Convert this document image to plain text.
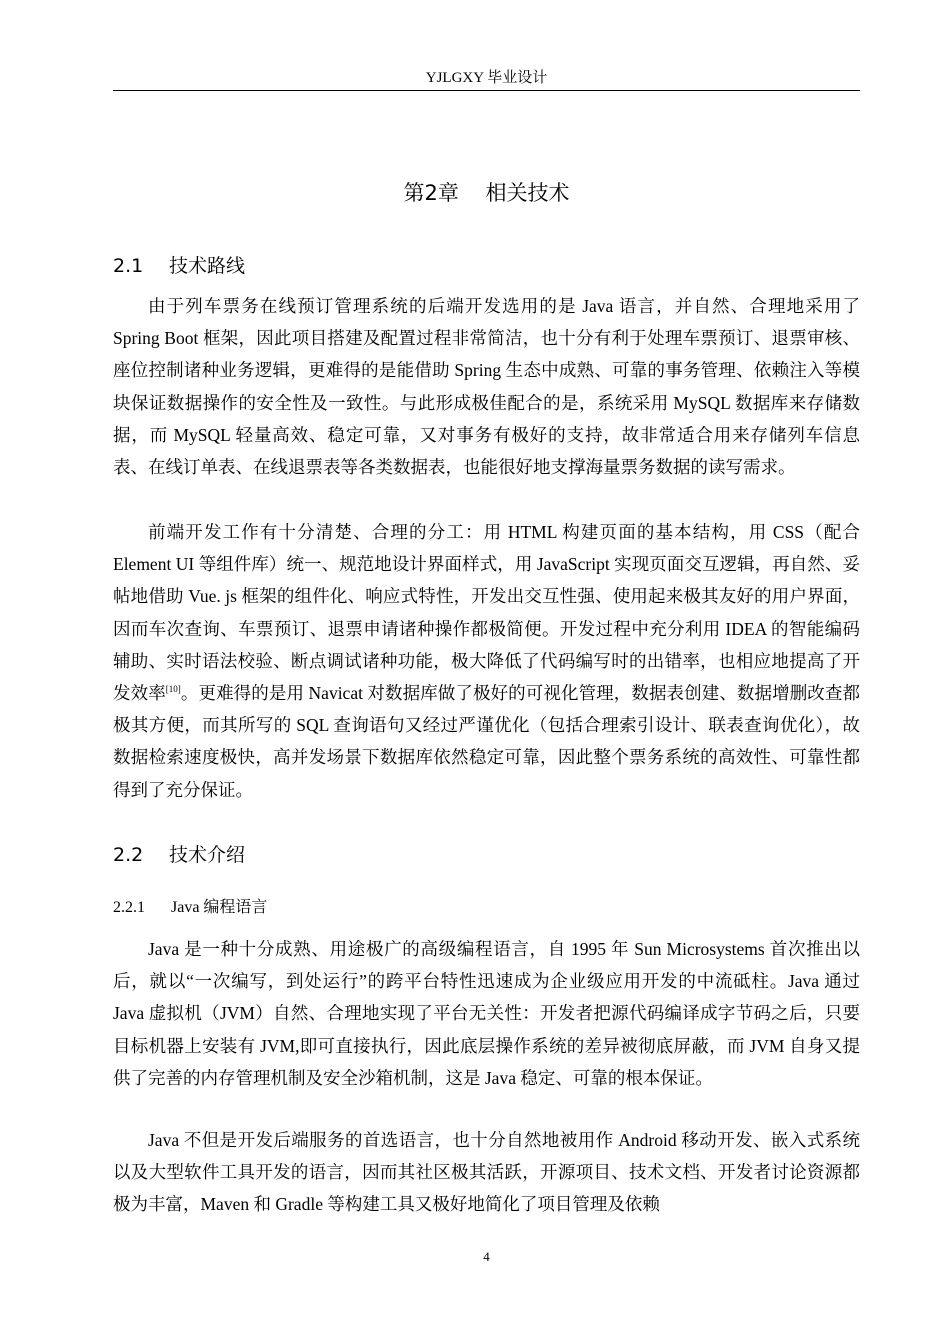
YJLGXY 毕业设计
第2章    相关技术
2.1 技术路线

由于列车票务在线预订管理系统的后端开发选用的是 Java 语言，并自然、合理地采用了 Spring Boot 框架，因此项目搭建及配置过程非常简洁，也十分有利于处理车票预订、退票审核、座位控制诸种业务逻辑，更难得的是能借助 Spring 生态中成熟、可靠的事务管理、依赖注入等模块保证数据操作的安全性及一致性。与此形成极佳配合的是，系统采用 MySQL 数据库来存储数据，而 MySQL 轻量高效、稳定可靠，又对事务有极好的支持，故非常适合用来存储列车信息表、在线订单表、在线退票表等各类数据表，也能很好地支撑海量票务数据的读写需求。

前端开发工作有十分清楚、合理的分工：用 HTML 构建页面的基本结构，用 CSS（配合 Element UI 等组件库）统一、规范地设计界面样式，用 JavaScript 实现页面交互逻辑，再自然、妥帖地借助 Vue. js 框架的组件化、响应式特性，开发出交互性强、使用起来极其友好的用户界面，因而车次查询、车票预订、退票申请诸种操作都极简便。开发过程中充分利用 IDEA 的智能编码辅助、实时语法校验、断点调试诸种功能，极大降低了代码编写时的出错率，也相应地提高了开发效率[10]。更难得的是用 Navicat 对数据库做了极好的可视化管理，数据表创建、数据增删改查都极其方便，而其所写的 SQL 查询语句又经过严谨优化（包括合理索引设计、联表查询优化），故数据检索速度极快，高并发场景下数据库依然稳定可靠，因此整个票务系统的高效性、可靠性都得到了充分保证。

2.2 技术介绍
2.2.1 Java 编程语言

Java 是一种十分成熟、用途极广的高级编程语言，自 1995 年 Sun Microsystems 首次推出以后，就以“一次编写，到处运行”的跨平台特性迅速成为企业级应用开发的中流砥柱。Java 通过 Java 虚拟机（JVM）自然、合理地实现了平台无关性：开发者把源代码编译成字节码之后，只要目标机器上安装有 JVM,即可直接执行，因此底层操作系统的差异被彻底屏蔽，而 JVM 自身又提供了完善的内存管理机制及安全沙箱机制，这是 Java 稳定、可靠的根本保证。

Java 不但是开发后端服务的首选语言，也十分自然地被用作 Android 移动开发、嵌入式系统以及大型软件工具开发的语言，因而其社区极其活跃，开源项目、技术文档、开发者讨论资源都极为丰富，Maven 和 Gradle 等构建工具又极好地简化了项目管理及依赖

4
